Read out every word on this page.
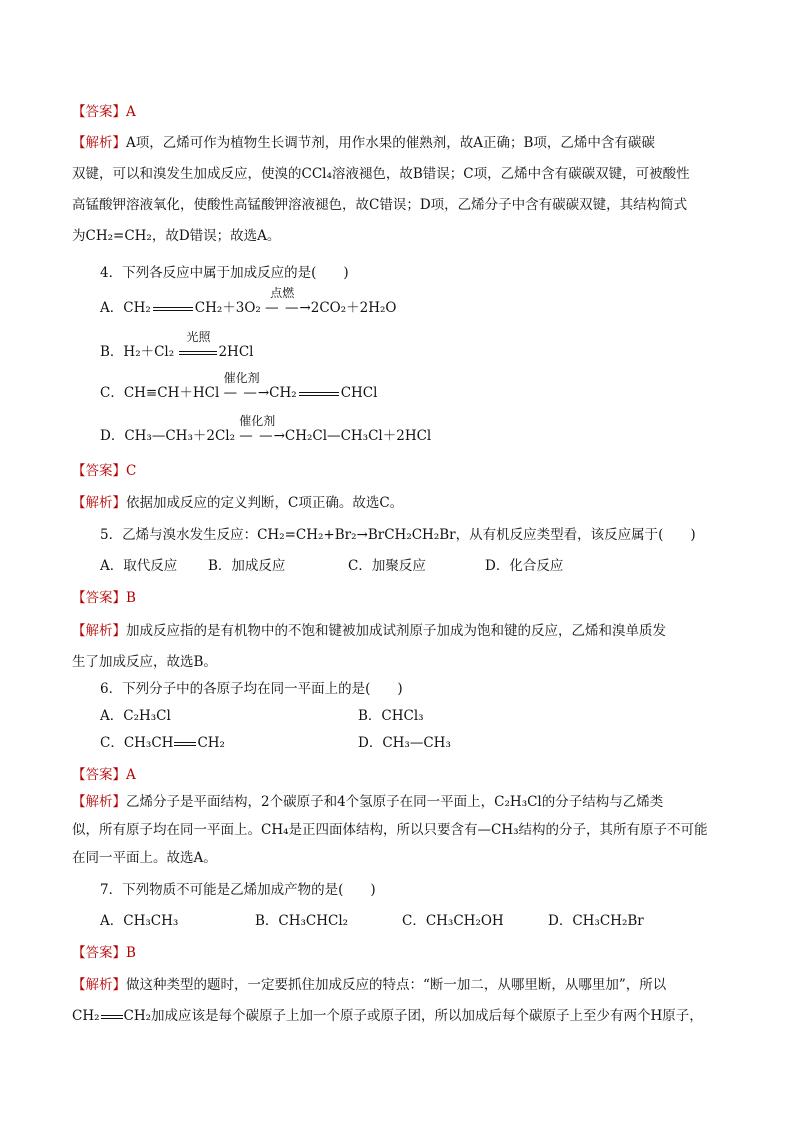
【答案】A
【解析】A项，乙烯可作为植物生长调节剂，用作水果的催熟剂，故A正确；B项，乙烯中含有碳碳
双键，可以和溴发生加成反应，使溴的CCl₄溶液褪色，故B错误；C项，乙烯中含有碳碳双键，可被酸性
高锰酸钾溶液氧化，使酸性高锰酸钾溶液褪色，故C错误；D项，乙烯分子中含有碳碳双键，其结构简式
为CH₂=CH₂，故D错误；故选A。
4．下列各反应中属于加成反应的是(　　)
A．CH₂	CH₂＋3O₂
点燃
— —→2CO₂＋2H₂O
B．H₂＋Cl₂
光照
2HCl
C．CH≡CH＋HCl
催化剂
— —→CH₂	CHCl
D．CH₃—CH₃＋2Cl₂
催化剂
— —→CH₂Cl—CH₃Cl＋2HCl
【答案】C
【解析】依据加成反应的定义判断，C项正确。故选C。
5．乙烯与溴水发生反应：CH₂=CH₂+Br₂→BrCH₂CH₂Br，从有机反应类型看，该反应属于(　　)
A．取代反应 B．加成反应	C．加聚反应	D．化合反应
【答案】B
【解析】加成反应指的是有机物中的不饱和键被加成试剂原子加成为饱和键的反应，乙烯和溴单质发
生了加成反应，故选B。
6．下列分子中的各原子均在同一平面上的是(　　)
A．C₂H₃Cl	B．CHCl₃
C．CH₃CH CH₂	D．CH₃—CH₃
【答案】A
【解析】乙烯分子是平面结构，2个碳原子和4个氢原子在同一平面上，C₂H₃Cl的分子结构与乙烯类
似，所有原子均在同一平面上。CH₄是正四面体结构，所以只要含有—CH₃结构的分子，其所有原子不可能
在同一平面上。故选A。
7．下列物质不可能是乙烯加成产物的是(　　)
A．CH₃CH₃	B．CH₃CHCl₂	C．CH₃CH₂OH	D．CH₃CH₂Br
【答案】B
【解析】做这种类型的题时，一定要抓住加成反应的特点：“断一加二，从哪里断，从哪里加”，所以
CH₂ CH₂加成应该是每个碳原子上加一个原子或原子团，所以加成后每个碳原子上至少有两个H原子，
